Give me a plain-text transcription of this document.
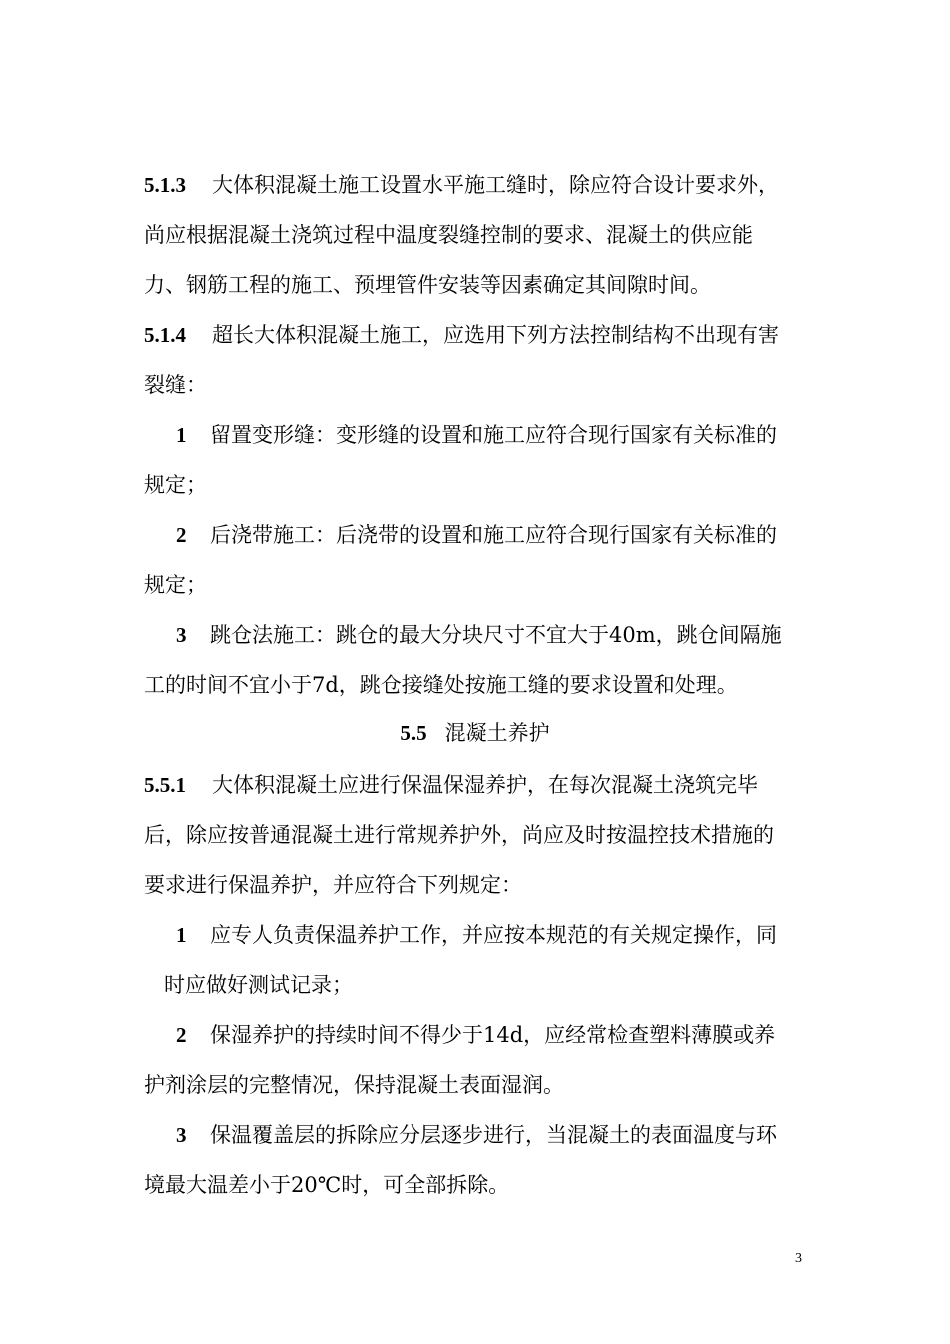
5.1.3 大体积混凝土施工设置水平施工缝时，除应符合设计要求外，
尚应根据混凝土浇筑过程中温度裂缝控制的要求、混凝土的供应能
力、钢筋工程的施工、预埋管件安装等因素确定其间隙时间。
5.1.4 超长大体积混凝土施工，应选用下列方法控制结构不出现有害
裂缝：
1 留置变形缝：变形缝的设置和施工应符合现行国家有关标准的
规定；
2 后浇带施工：后浇带的设置和施工应符合现行国家有关标准的
规定；
3 跳仓法施工：跳仓的最大分块尺寸不宜大于40m，跳仓间隔施
工的时间不宜小于7d，跳仓接缝处按施工缝的要求设置和处理。
5.5 混凝土养护
5.5.1 大体积混凝土应进行保温保湿养护，在每次混凝土浇筑完毕
后，除应按普通混凝土进行常规养护外，尚应及时按温控技术措施的
要求进行保温养护，并应符合下列规定：
1 应专人负责保温养护工作，并应按本规范的有关规定操作，同
时应做好测试记录；
2 保湿养护的持续时间不得少于14d，应经常检查塑料薄膜或养
护剂涂层的完整情况，保持混凝土表面湿润。
3 保温覆盖层的拆除应分层逐步进行，当混凝土的表面温度与环
境最大温差小于20℃时，可全部拆除。
3
